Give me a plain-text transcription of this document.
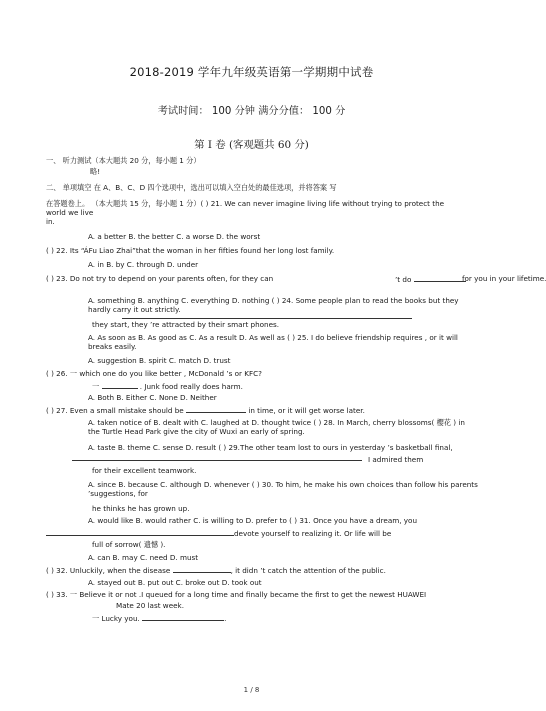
2018-2019 学年九年级英语第一学期期中试卷
考试时间： 100 分钟 满分分值： 100 分
第 Ⅰ 卷 (客观题共 60 分)
一、 听力测试（本大题共 20 分，每小题 1 分）
略!
二、 单项填空 在 A、B、C、D 四个选项中，选出可以填入空白处的最佳选项，并将答案 写
在答题卷上。 （本大题共 15 分，每小题 1 分）( ) 21. We can never imagine living life without trying to protect the world we live
in.
A. a better B. the better C. a worse D. the worst
( ) 22. Its “ÁFu Liao Zhai”that the woman in her fifties found her long lost family.
A. in B. by C. through D. under
( ) 23. Do not try to depend on your parents often, for they can	’t do	for you in your lifetime.
A. something B. anything C. everything D. nothing ( ) 24. Some people plan to read the books but they hardly carry it out strictly.
they start, they ’re attracted by their smart phones.
A. As soon as B. As good as C. As a result D. As well as ( ) 25. I do believe friendship requires , or it will breaks easily.
A. suggestion B. spirit C. match D. trust
( ) 26. 一 which one do you like better , McDonald ’s or KFC?
一	. Junk food really does harm.
A. Both B. Either C. None D. Neither
( ) 27. Even a small mistake should be	in time, or it will get worse later.
A. taken notice of B. dealt with C. laughed at D. thought twice ( ) 28. In March, cherry blossoms( 樱花 ) in the Turtle Head Park give the city of Wuxi an early of spring.
A. taste B. theme C. sense D. result ( ) 29.The other team lost to ours in yesterday ’s basketball final,
I admired them
for their excellent teamwork.
A. since B. because C. although D. whenever ( ) 30. To him, he make his own choices than follow his parents ’suggestions, for
he thinks he has grown up.
A. would like B. would rather C. is willing to D. prefer to ( ) 31. Once you have a dream, you
devote yourself to realizing it. Or life will be
full of sorrow( 遗憾 ).
A. can B. may C. need D. must
( ) 32. Unluckily, when the disease	, it didn ’t catch the attention of the public.
A. stayed out B. put out C. broke out D. took out
( ) 33. 一 Believe it or not .I queued for a long time and finally became the first to get the newest HUAWEI
Mate 20 last week.
一 Lucky you.	.
1 / 8
